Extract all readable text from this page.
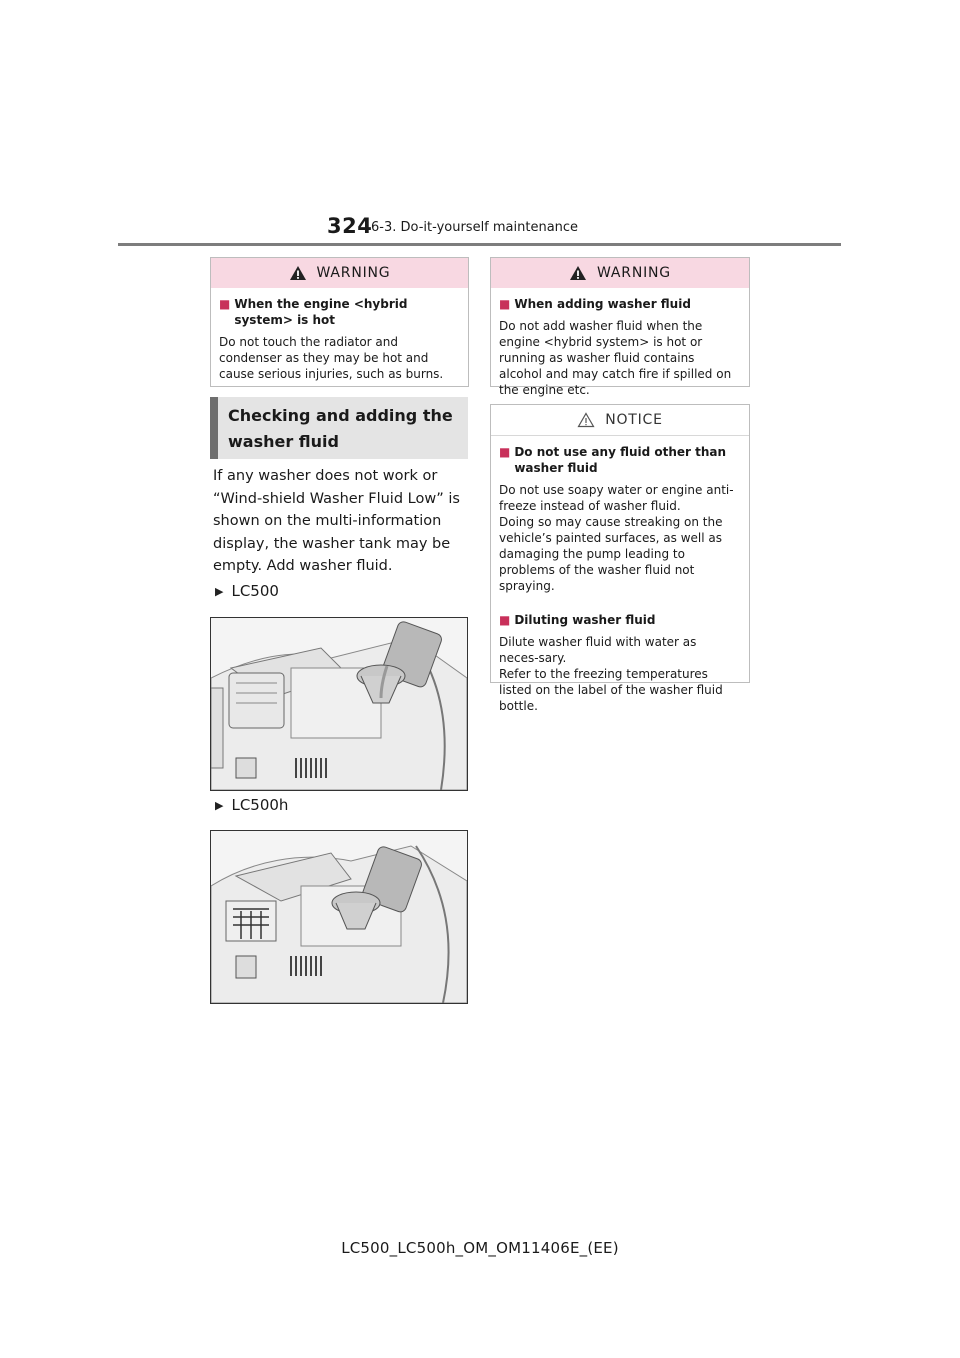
324
6-3. Do-it-yourself maintenance
WARNING
■ When the engine <hybrid system> is hot
Do not touch the radiator and condenser as they may be hot and cause serious injuries, such as burns.
Checking and adding the washer fluid
If any washer does not work or “Wind-shield Washer Fluid Low” is shown on the multi-information display, the washer tank may be empty. Add washer fluid.
▶ LC500
▶ LC500h
WARNING
■ When adding washer fluid
Do not add washer fluid when the engine <hybrid system> is hot or running as washer fluid contains alcohol and may catch fire if spilled on the engine etc.
NOTICE
■ Do not use any fluid other than washer fluid
Do not use soapy water or engine anti-freeze instead of washer fluid.
Doing so may cause streaking on the vehicle’s painted surfaces, as well as damaging the pump leading to problems of the washer fluid not spraying.
■ Diluting washer fluid
Dilute washer fluid with water as neces-sary.
Refer to the freezing temperatures listed on the label of the washer fluid bottle.
LC500_LC500h_OM_OM11406E_(EE)
